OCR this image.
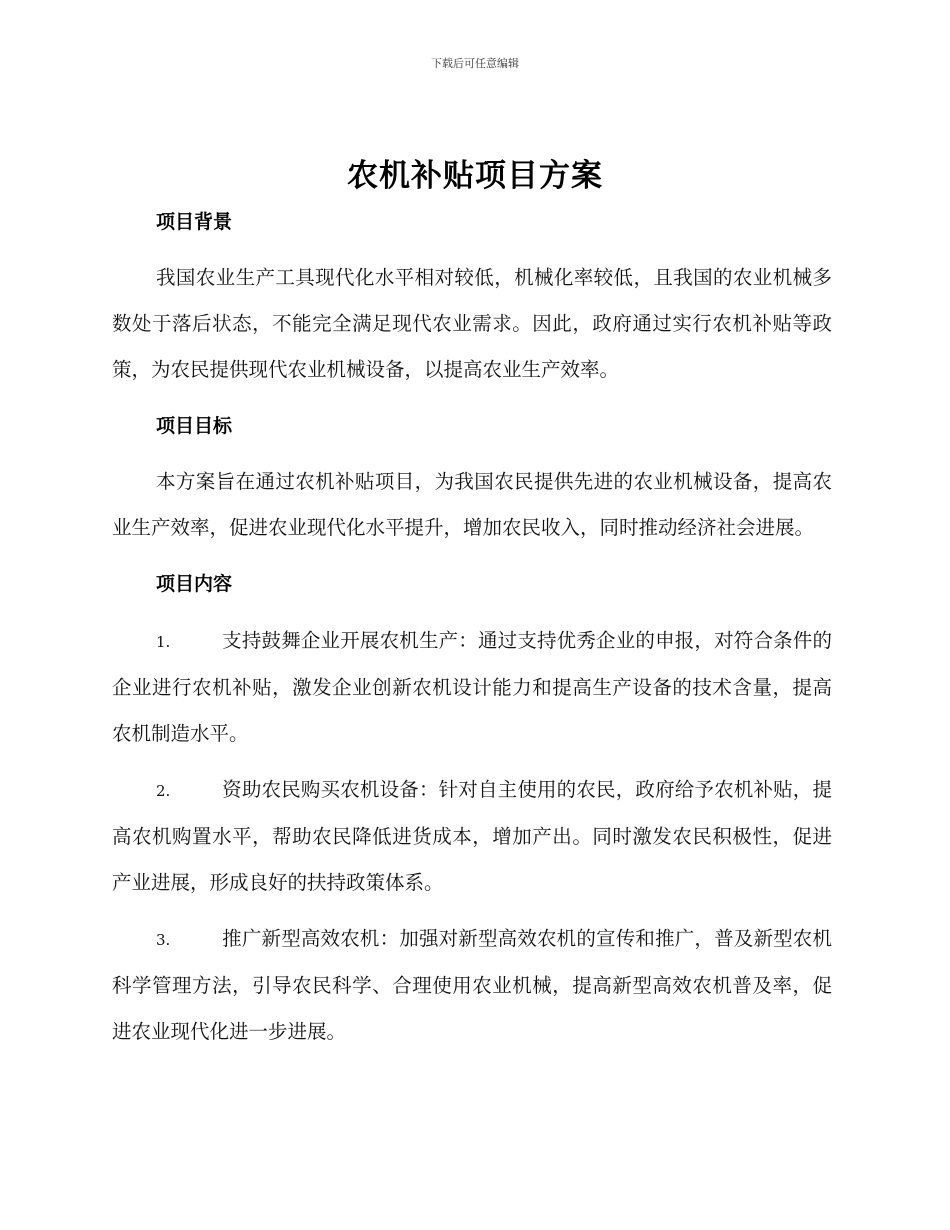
下载后可任意编辑
农机补贴项目方案

项目背景

我国农业生产工具现代化水平相对较低，机械化率较低，且我国的农业机械多数处于落后状态，不能完全满足现代农业需求。因此，政府通过实行农机补贴等政策，为农民提供现代农业机械设备，以提高农业生产效率。

项目目标

本方案旨在通过农机补贴项目，为我国农民提供先进的农业机械设备，提高农业生产效率，促进农业现代化水平提升，增加农民收入，同时推动经济社会进展。

项目内容

1.	支持鼓舞企业开展农机生产：通过支持优秀企业的申报，对符合条件的企业进行农机补贴，激发企业创新农机设计能力和提高生产设备的技术含量，提高农机制造水平。

2.	资助农民购买农机设备：针对自主使用的农民，政府给予农机补贴，提高农机购置水平，帮助农民降低进货成本，增加产出。同时激发农民积极性，促进产业进展，形成良好的扶持政策体系。

3.	推广新型高效农机：加强对新型高效农机的宣传和推广，普及新型农机科学管理方法，引导农民科学、合理使用农业机械，提高新型高效农机普及率，促进农业现代化进一步进展。
